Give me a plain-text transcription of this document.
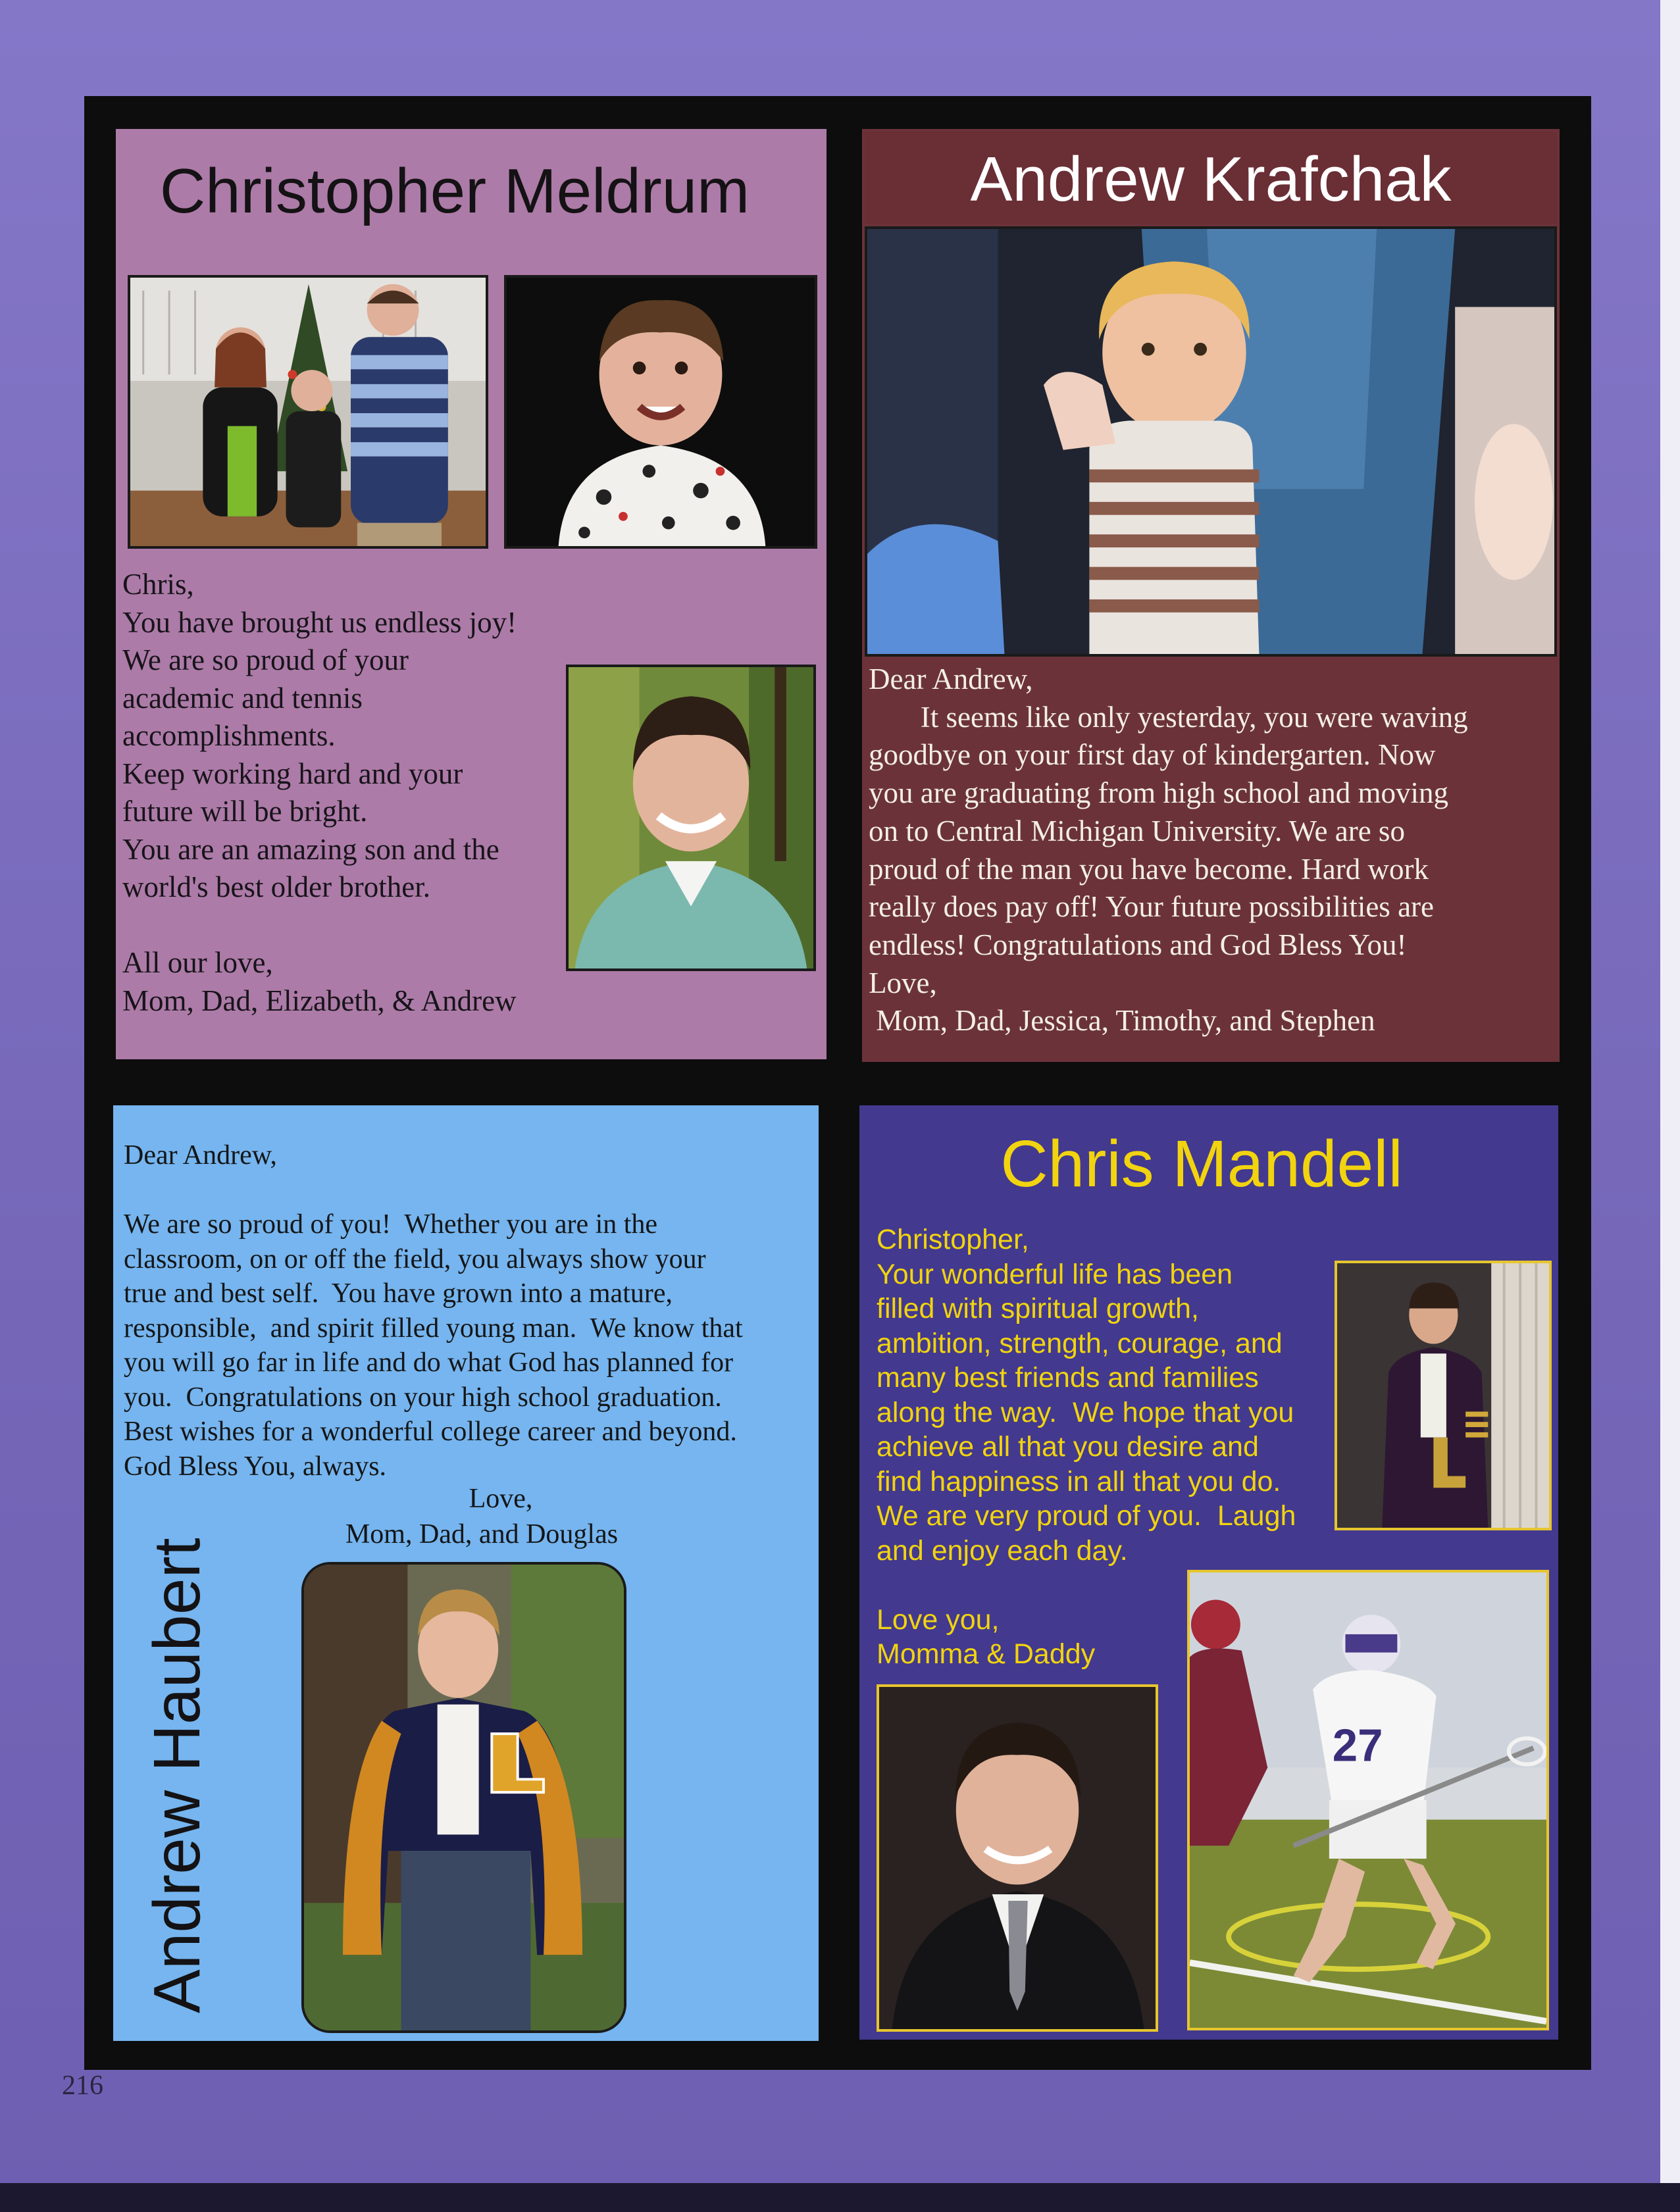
Christopher Meldrum
Chris,
You have brought us endless joy!
We are so proud of your
academic and tennis
accomplishments.
Keep working hard and your
future will be bright.
You are an amazing son and the
world's best older brother.

All our love,
Mom, Dad, Elizabeth, & Andrew
Andrew Krafchak
Dear Andrew,
It seems like only yesterday, you were waving
goodbye on your first day of kindergarten. Now
you are graduating from high school and moving
on to Central Michigan University. We are so
proud of the man you have become. Hard work
really does pay off! Your future possibilities are
endless! Congratulations and God Bless You!
Love,
Mom, Dad, Jessica, Timothy, and Stephen
Dear Andrew,

We are so proud of you!  Whether you are in the
classroom, on or off the field, you always show your
true and best self.  You have grown into a mature,
responsible,  and spirit filled young man.  We know that
you will go far in life and do what God has planned for
you.  Congratulations on your high school graduation.
Best wishes for a wonderful college career and beyond.
God Bless You, always.
Love,
Mom, Dad, and Douglas
Andrew Haubert
Chris Mandell
Christopher,
Your wonderful life has been
filled with spiritual growth,
ambition, strength, courage, and
many best friends and families
along the way.  We hope that you
achieve all that you desire and
find happiness in all that you do.
We are very proud of you.  Laugh
and enjoy each day.

Love you,
Momma & Daddy
27
216
